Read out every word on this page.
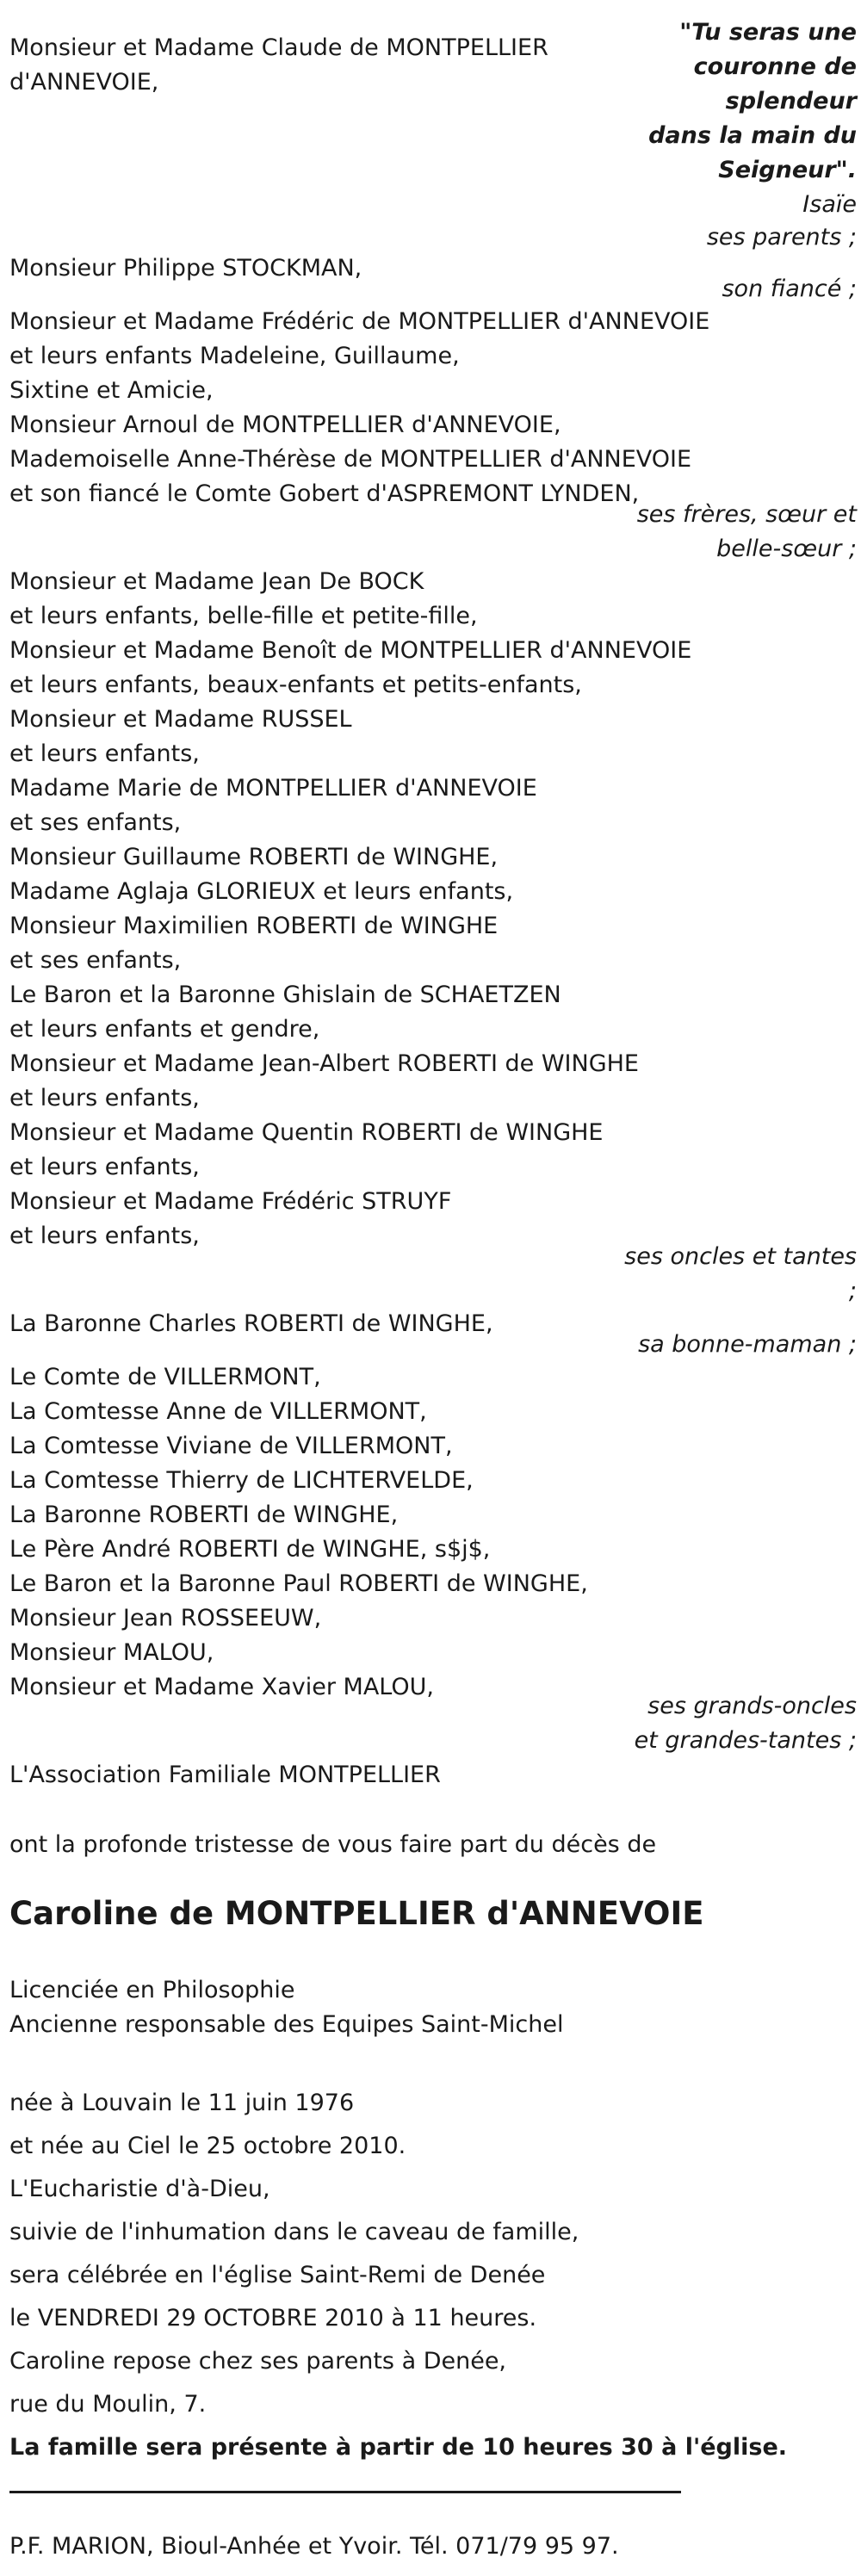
"Tu seras une
couronne de
splendeur
dans la main du
Seigneur".
Isaïe
Monsieur et Madame Claude de MONTPELLIER
d'ANNEVOIE,
ses parents ;
Monsieur Philippe STOCKMAN,
son fiancé ;
Monsieur et Madame Frédéric de MONTPELLIER d'ANNEVOIE
et leurs enfants Madeleine, Guillaume,
Sixtine et Amicie,
Monsieur Arnoul de MONTPELLIER d'ANNEVOIE,
Mademoiselle Anne-Thérèse de MONTPELLIER d'ANNEVOIE
et son fiancé le Comte Gobert d'ASPREMONT LYNDEN,
ses frères, sœur et
belle-sœur ;
Monsieur et Madame Jean De BOCK
et leurs enfants, belle-fille et petite-fille,
Monsieur et Madame Benoît de MONTPELLIER d'ANNEVOIE
et leurs enfants, beaux-enfants et petits-enfants,
Monsieur et Madame RUSSEL
et leurs enfants,
Madame Marie de MONTPELLIER d'ANNEVOIE
et ses enfants,
Monsieur Guillaume ROBERTI de WINGHE,
Madame Aglaja GLORIEUX et leurs enfants,
Monsieur Maximilien ROBERTI de WINGHE
et ses enfants,
Le Baron et la Baronne Ghislain de SCHAETZEN
et leurs enfants et gendre,
Monsieur et Madame Jean-Albert ROBERTI de WINGHE
et leurs enfants,
Monsieur et Madame Quentin ROBERTI de WINGHE
et leurs enfants,
Monsieur et Madame Frédéric STRUYF
et leurs enfants,
ses oncles et tantes
;
La Baronne Charles ROBERTI de WINGHE,
sa bonne-maman ;
Le Comte de VILLERMONT,
La Comtesse Anne de VILLERMONT,
La Comtesse Viviane de VILLERMONT,
La Comtesse Thierry de LICHTERVELDE,
La Baronne ROBERTI de WINGHE,
Le Père André ROBERTI de WINGHE, s$j$,
Le Baron et la Baronne Paul ROBERTI de WINGHE,
Monsieur Jean ROSSEEUW,
Monsieur MALOU,
Monsieur et Madame Xavier MALOU,
ses grands-oncles
et grandes-tantes ;
L'Association Familiale MONTPELLIER
ont la profonde tristesse de vous faire part du décès de
Caroline de MONTPELLIER d'ANNEVOIE
Licenciée en Philosophie
Ancienne responsable des Equipes Saint-Michel
née à Louvain le 11 juin 1976
et née au Ciel le 25 octobre 2010.
L'Eucharistie d'à-Dieu,
suivie de l'inhumation dans le caveau de famille,
sera célébrée en l'église Saint-Remi de Denée
le VENDREDI 29 OCTOBRE 2010 à 11 heures.
Caroline repose chez ses parents à Denée,
rue du Moulin, 7.
La famille sera présente à partir de 10 heures 30 à l'église.
P.F. MARION, Bioul-Anhée et Yvoir. Tél. 071/79 95 97.
